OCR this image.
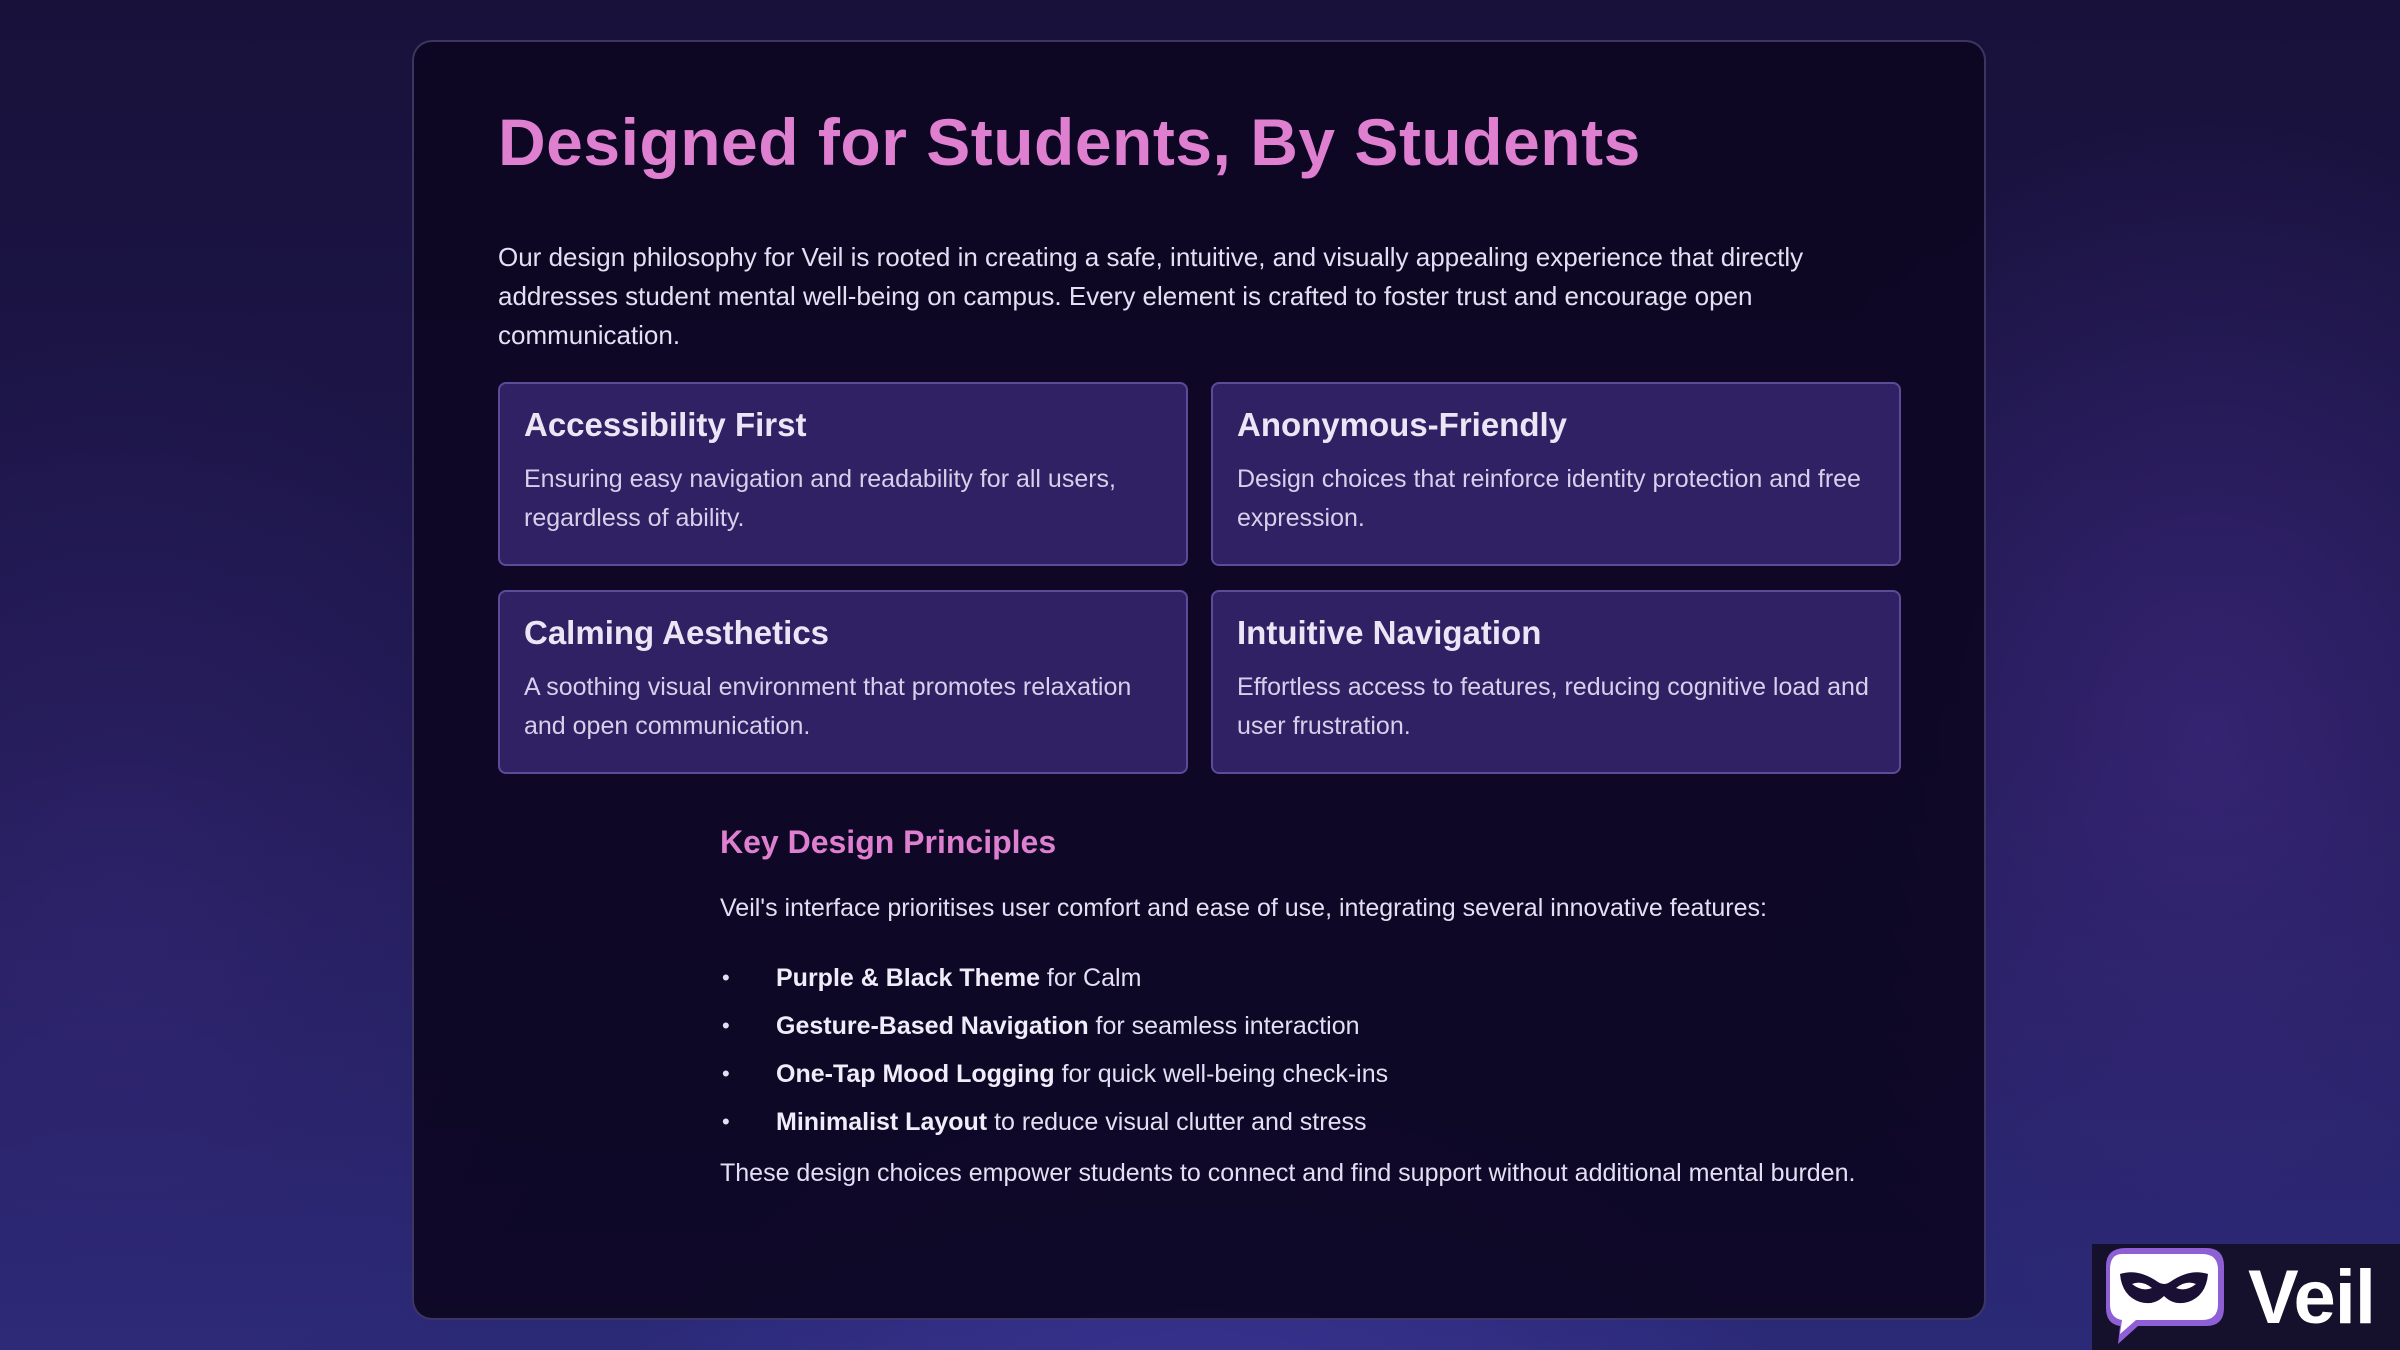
Designed for Students, By Students

Our design philosophy for Veil is rooted in creating a safe, intuitive, and visually appealing experience that directly addresses student mental well-being on campus. Every element is crafted to foster trust and encourage open communication.

Accessibility First

Ensuring easy navigation and readability for all users, regardless of ability.

Anonymous-Friendly

Design choices that reinforce identity protection and free expression.

Calming Aesthetics

A soothing visual environment that promotes relaxation and open communication.

Intuitive Navigation

Effortless access to features, reducing cognitive load and user frustration.

Key Design Principles

Veil's interface prioritises user comfort and ease of use, integrating several innovative features:

• Purple & Black Theme for Calm
• Gesture-Based Navigation for seamless interaction
• One-Tap Mood Logging for quick well-being check-ins
• Minimalist Layout to reduce visual clutter and stress

These design choices empower students to connect and find support without additional mental burden.

Veil
